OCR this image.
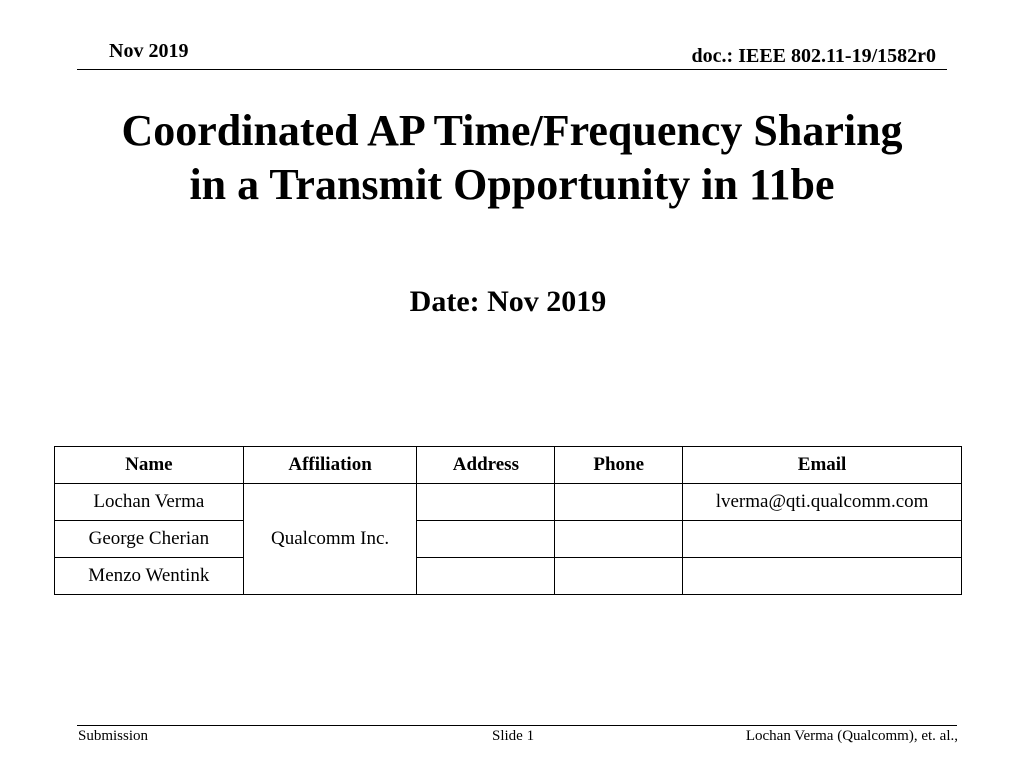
Nov 2019	doc.: IEEE 802.11-19/1582r0
Coordinated AP Time/Frequency Sharing
in a Transmit Opportunity in 11be
Date: Nov 2019
Name	Affiliation	Address	Phone	Email
Lochan Verma	Qualcomm Inc.			lverma@qti.qualcomm.com
George Cherian				
Menzo Wentink				
Submission	Slide 1	Lochan Verma (Qualcomm), et. al.,
